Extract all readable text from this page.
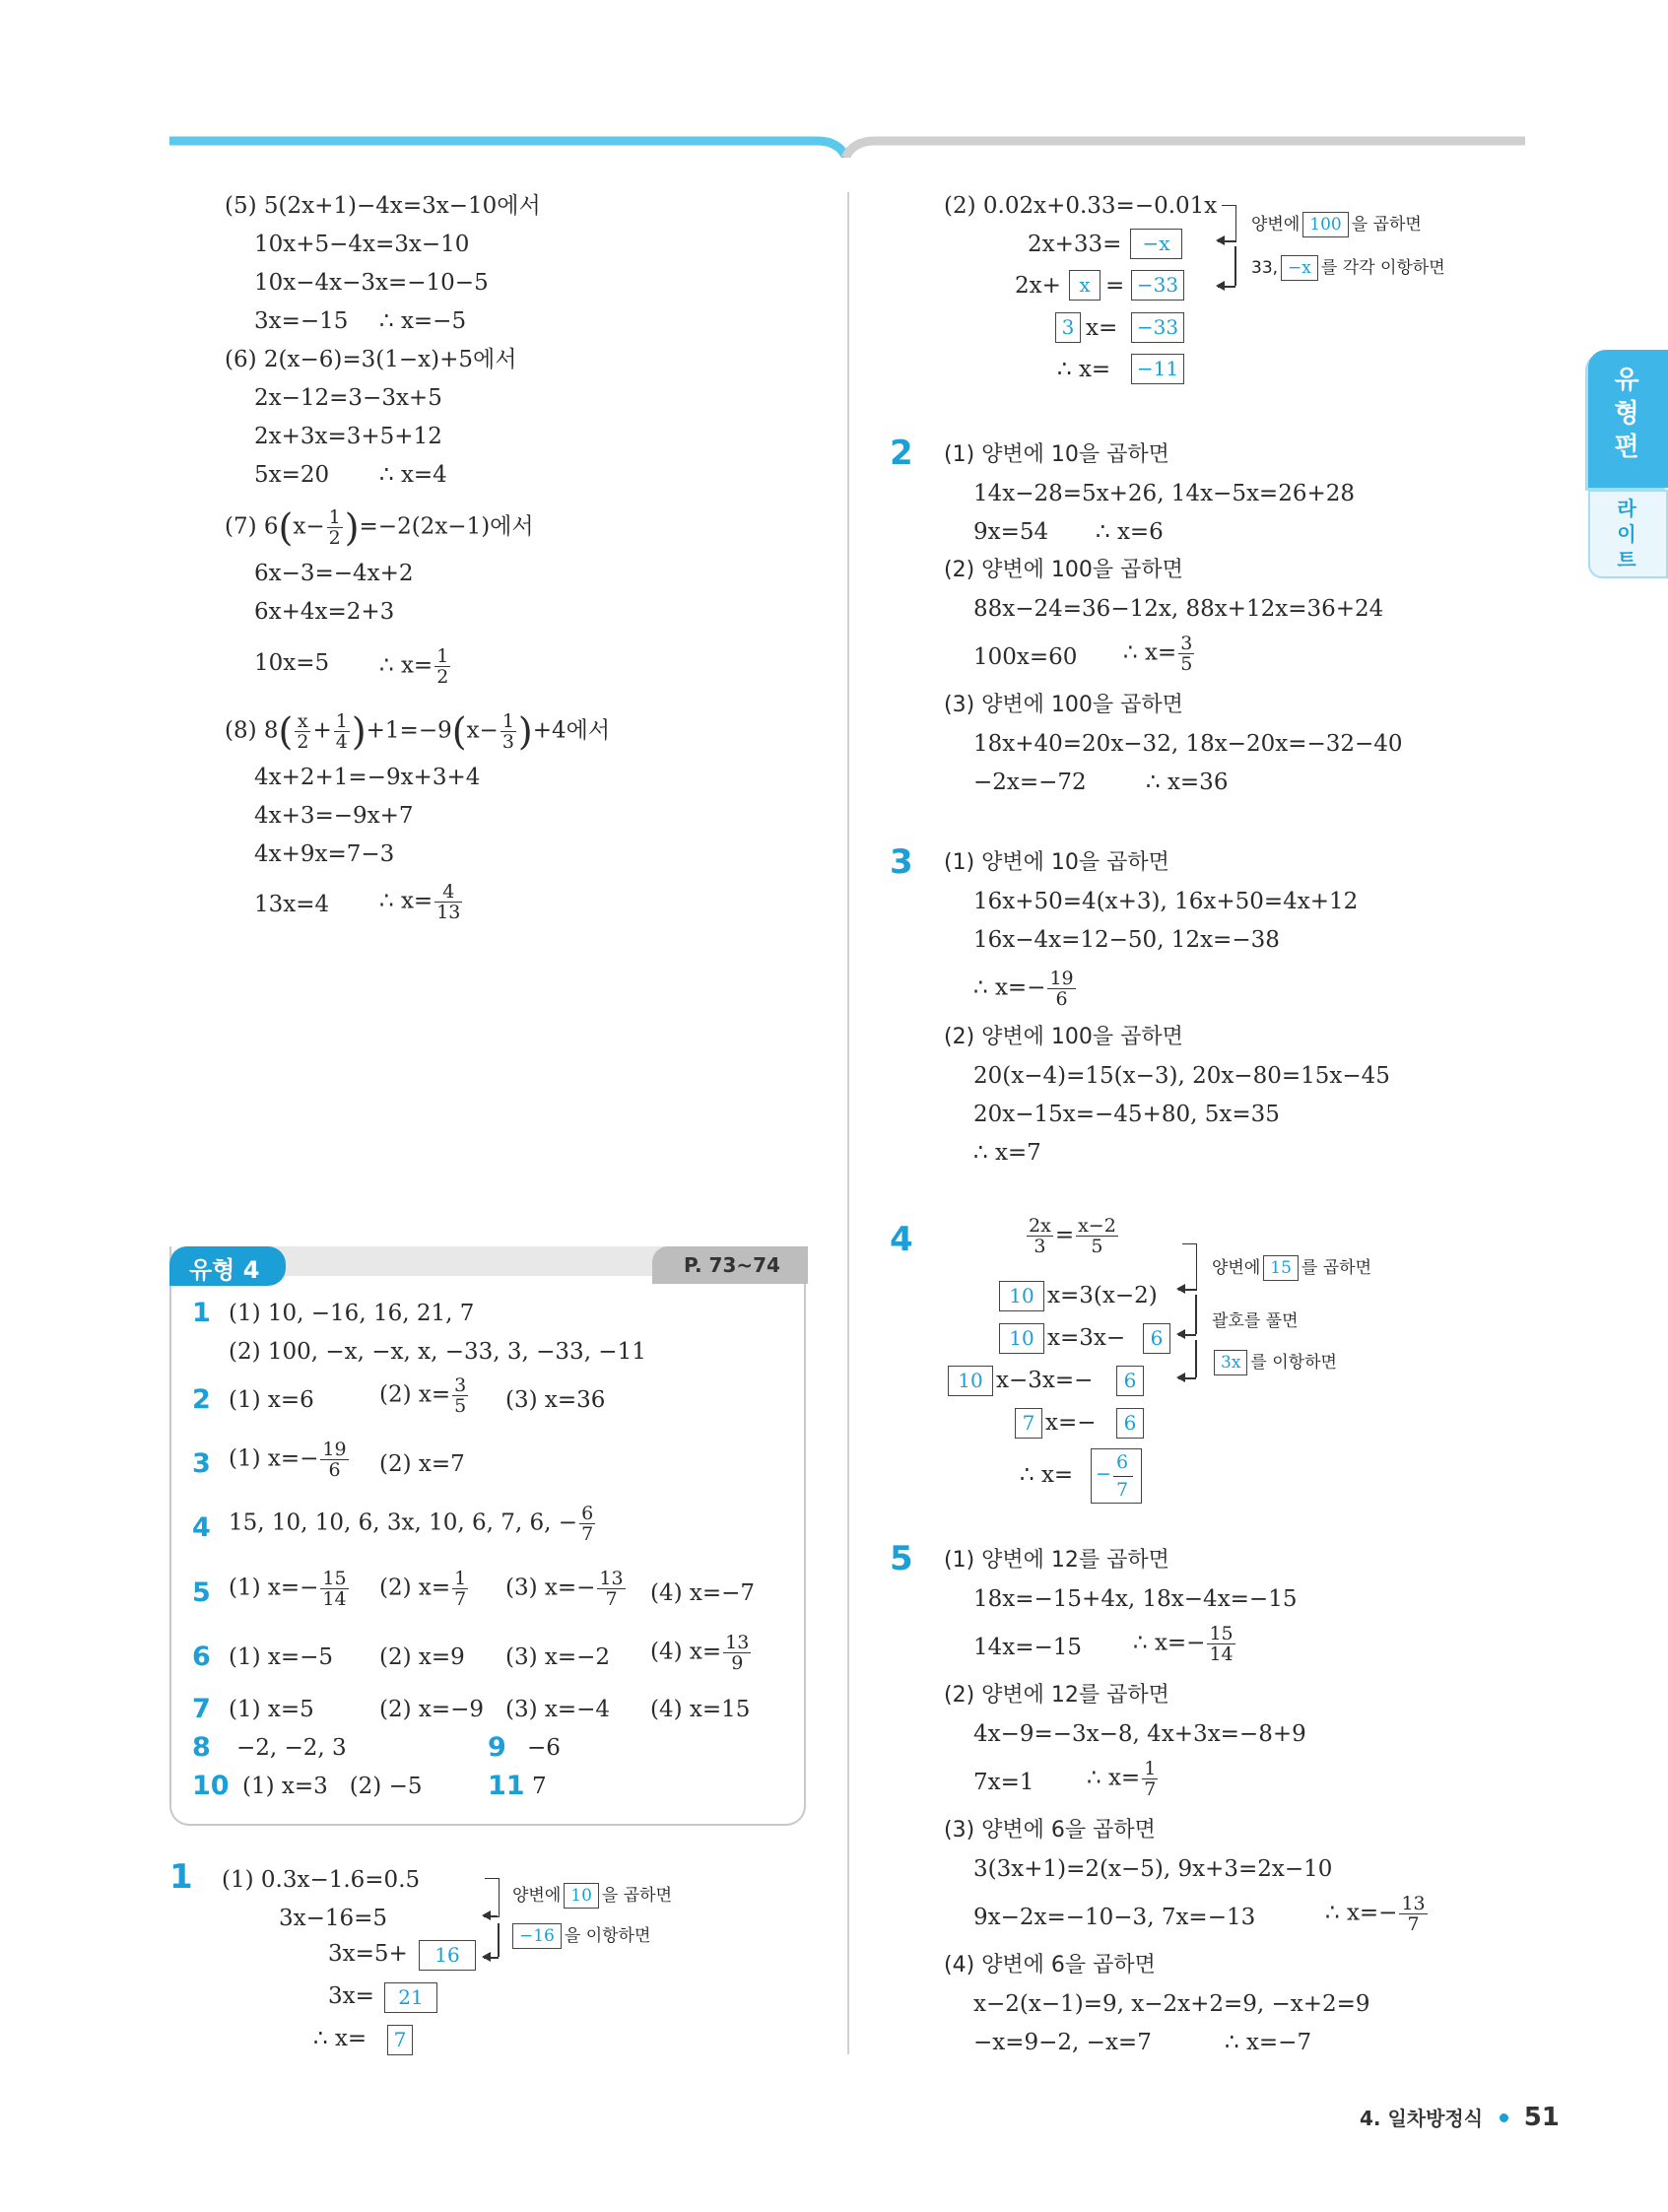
유형편
라이트
(5) 5(2x+1)−4x=3x−10에서
10x+5−4x=3x−10
10x−4x−3x=−10−5
3x=−15 ∴ x=−5
(6) 2(x−6)=3(1−x)+5에서
2x−12=3−3x+5
2x+3x=3+5+12
5x=20 ∴ x=4
(7) $6(x- \frac{1}{2} )=-2(2x-1)$에서
6x−3=−4x+2
6x+4x=2+3
10x=5 ∴ $x= \frac{1}{2}$
(8) $8( \frac{x}{2} + \frac{1}{4} )+1=-9(x- \frac{1}{3} )+4$에서
4x+2+1=−9x+3+4
4x+3=−9x+7
4x+9x=7−3
13x=4 ∴ $x= \frac{4}{13}$
유형 4	P. 73~74
1 (1) 10, −16, 16, 21, 7
(2) 100, −x, −x, x, −33, 3, −33, −11
2 (1) x=6	(2) $x= \frac{3}{5} (3)$ x=36
3 (1) $x=- \frac{19}{6} (2)$ x=7
4 15, 10, 10, 6, 3x, 10, 6, 7, 6, − $\frac{6}{7}$
5 (1) $x=- \frac{15}{14} (2)$ $x= \frac{1}{7} (3)$ $x=- \frac{13}{7} (4)$ x=−7
6 (1) x=−5 (2) x=9 (3) x=−2 (4) $x= \frac{13}{9}$
7 (1) x=5	(2) x=−9 (3) x=−4 (4) x=15
8 −2, −2, 3	9 −6
10 (1) x=3   (2) −5 11 7
1 (1) 0.3x−1.6=0.5
3x−16=5
3x=5+	16
3x=	21
∴ x=	7
양변에 10 을 곱하면
−16 을 이항하면
(2) 0.02x+0.33=−0.01x
2x+33=	−x
2x+ x = −33
3 x= −33
∴ x= −11
양변에 100 을 곱하면
33, −x 를 각각 이항하면
2 (1) 양변에 10을 곱하면
14x−28=5x+26, 14x−5x=26+28
9x=54 ∴ x=6
(2) 양변에 100을 곱하면
88x−24=36−12x, 88x+12x=36+24
100x=60 ∴ $x= \frac{3}{5}$
(3) 양변에 100을 곱하면
18x+40=20x−32, 18x−20x=−32−40
−2x=−72	∴ x=36
3 (1) 양변에 10을 곱하면
16x+50=4(x+3), 16x+50=4x+12
16x−4x=12−50, 12x=−38
∴ $x=- \frac{19}{6}$
(2) 양변에 100을 곱하면
20(x−4)=15(x−3), 20x−80=15x−45
20x−15x=−45+80, 5x=35
∴ x=7
4	$\frac{2x}{3} = \frac{x-2}{5}$
10 x=3(x−2)
10 x=3x−	6
10 x−3x=−	6
7 x=−	6
∴ x= −
6
7
양변에 15 를 곱하면
괄호를 풀면
3x 를 이항하면
5 (1) 양변에 12를 곱하면
18x=−15+4x, 18x−4x=−15
14x=−15 ∴ $x=- \frac{15}{14}$
(2) 양변에 12를 곱하면
4x−9=−3x−8, 4x+3x=−8+9
7x=1 ∴ $x= \frac{1}{7}$
(3) 양변에 6을 곱하면
3(3x+1)=2(x−5), 9x+3=2x−10
9x−2x=−10−3, 7x=−13	∴ $x=- \frac{13}{7}$
(4) 양변에 6을 곱하면
x−2(x−1)=9, x−2x+2=9, −x+2=9
−x=9−2, −x=7	∴ x=−7
4. 일차방정식 51
